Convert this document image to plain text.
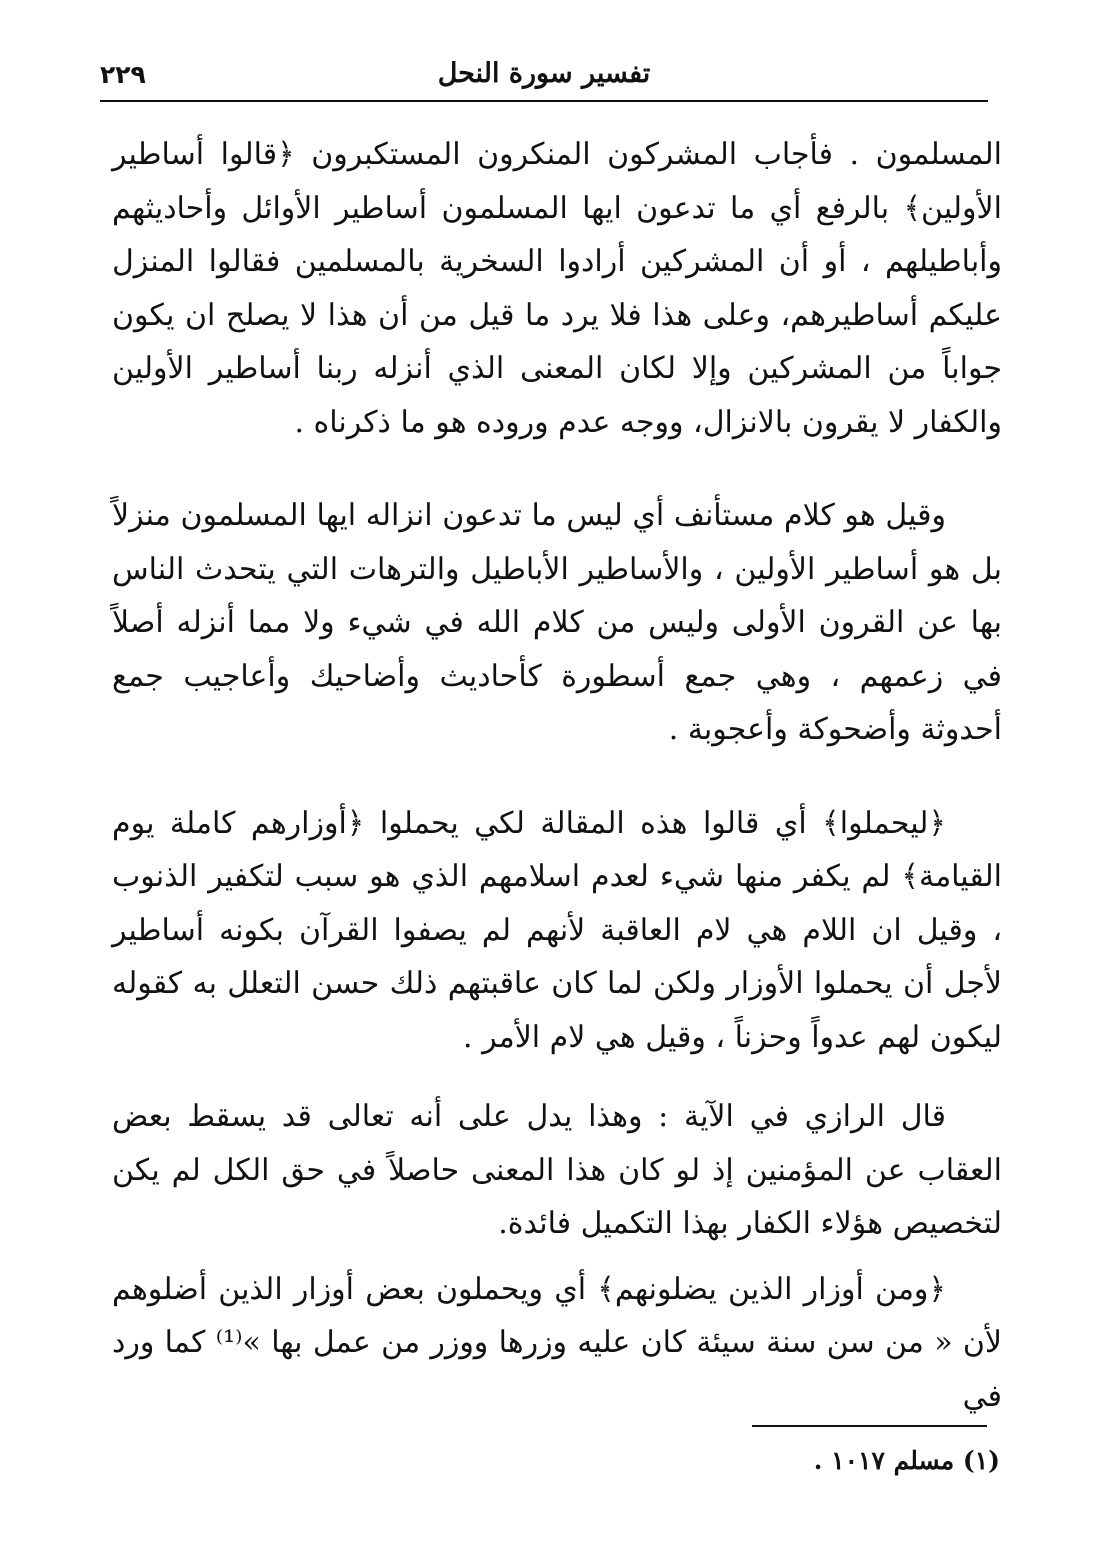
٢٢٩	تفسير سورة النحل

المسلمون . فأجاب المشركون المنكرون المستكبرون ﴿قالوا أساطير الأولين﴾ بالرفع أي ما تدعون ايها المسلمون أساطير الأوائل وأحاديثهم وأباطيلهم ، أو أن المشركين أرادوا السخرية بالمسلمين فقالوا المنزل عليكم أساطيرهم، وعلى هذا فلا يرد ما قيل من أن هذا لا يصلح ان يكون جواباً من المشركين وإلا لكان المعنى الذي أنزله ربنا أساطير الأولين والكفار لا يقرون بالانزال، ووجه عدم وروده هو ما ذكرناه .

وقيل هو كلام مستأنف أي ليس ما تدعون انزاله ايها المسلمون منزلاً بل هو أساطير الأولين ، والأساطير الأباطيل والترهات التي يتحدث الناس بها عن القرون الأولى وليس من كلام الله في شيء ولا مما أنزله أصلاً في زعمهم ، وهي جمع أسطورة كأحاديث وأضاحيك وأعاجيب جمع أحدوثة وأضحوكة وأعجوبة .

﴿ليحملوا﴾ أي قالوا هذه المقالة لكي يحملوا ﴿أوزارهم كاملة يوم القيامة﴾ لم يكفر منها شيء لعدم اسلامهم الذي هو سبب لتكفير الذنوب ، وقيل ان اللام هي لام العاقبة لأنهم لم يصفوا القرآن بكونه أساطير لأجل أن يحملوا الأوزار ولكن لما كان عاقبتهم ذلك حسن التعلل به كقوله ليكون لهم عدواً وحزناً ، وقيل هي لام الأمر .

قال الرازي في الآية : وهذا يدل على أنه تعالى قد يسقط بعض العقاب عن المؤمنين إذ لو كان هذا المعنى حاصلاً في حق الكل لم يكن لتخصيص هؤلاء الكفار بهذا التكميل فائدة.

﴿ومن أوزار الذين يضلونهم﴾ أي ويحملون بعض أوزار الذين أضلوهم لأن « من سن سنة سيئة كان عليه وزرها ووزر من عمل بها »⁽¹⁾ كما ورد في

(١) مسلم ١٠١٧ .
